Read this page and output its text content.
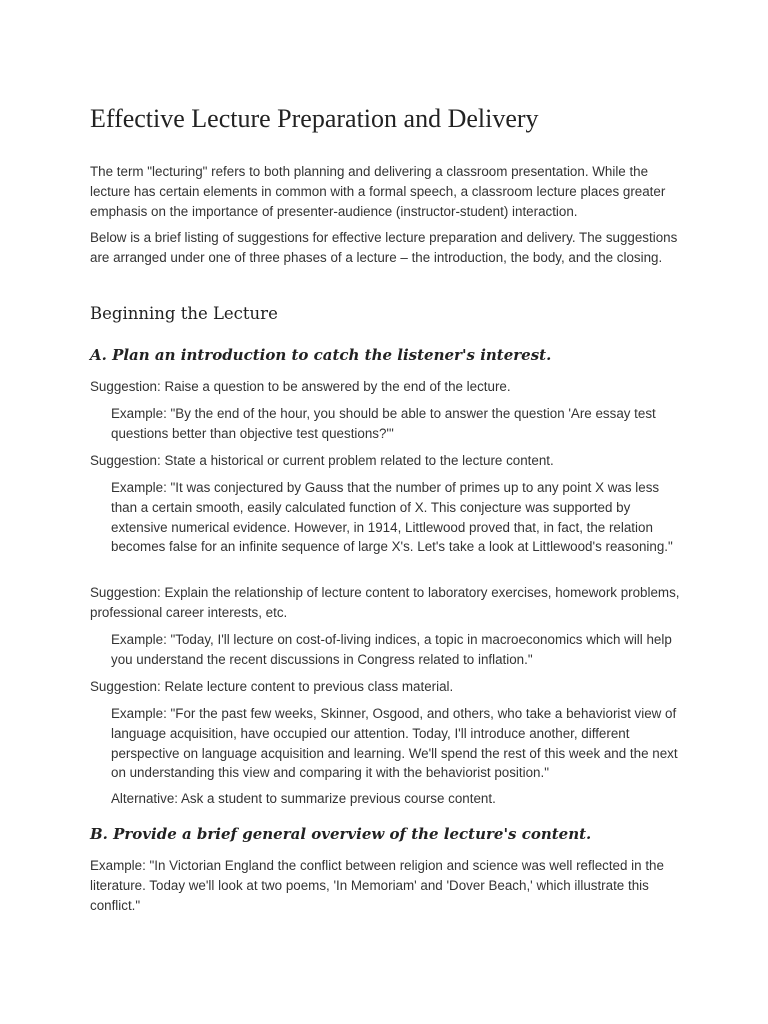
Effective Lecture Preparation and Delivery

The term "lecturing" refers to both planning and delivering a classroom presentation. While the lecture has certain elements in common with a formal speech, a classroom lecture places greater emphasis on the importance of presenter-audience (instructor-student) interaction.

Below is a brief listing of suggestions for effective lecture preparation and delivery. The suggestions are arranged under one of three phases of a lecture – the introduction, the body, and the closing.

Beginning the Lecture
A. Plan an introduction to catch the listener's interest.

Suggestion: Raise a question to be answered by the end of the lecture.

Example: "By the end of the hour, you should be able to answer the question 'Are essay test questions better than objective test questions?'"

Suggestion: State a historical or current problem related to the lecture content.

Example: "It was conjectured by Gauss that the number of primes up to any point X was less than a certain smooth, easily calculated function of X. This conjecture was supported by extensive numerical evidence. However, in 1914, Littlewood proved that, in fact, the relation becomes false for an infinite sequence of large X's. Let's take a look at Littlewood's reasoning."

Suggestion: Explain the relationship of lecture content to laboratory exercises, homework problems, professional career interests, etc.

Example: "Today, I'll lecture on cost-of-living indices, a topic in macroeconomics which will help you understand the recent discussions in Congress related to inflation."

Suggestion: Relate lecture content to previous class material.

Example: "For the past few weeks, Skinner, Osgood, and others, who take a behaviorist view of language acquisition, have occupied our attention. Today, I'll introduce another, different perspective on language acquisition and learning. We'll spend the rest of this week and the next on understanding this view and comparing it with the behaviorist position."

Alternative: Ask a student to summarize previous course content.

B. Provide a brief general overview of the lecture's content.

Example: "In Victorian England the conflict between religion and science was well reflected in the literature. Today we'll look at two poems, 'In Memoriam' and 'Dover Beach,' which illustrate this conflict."
